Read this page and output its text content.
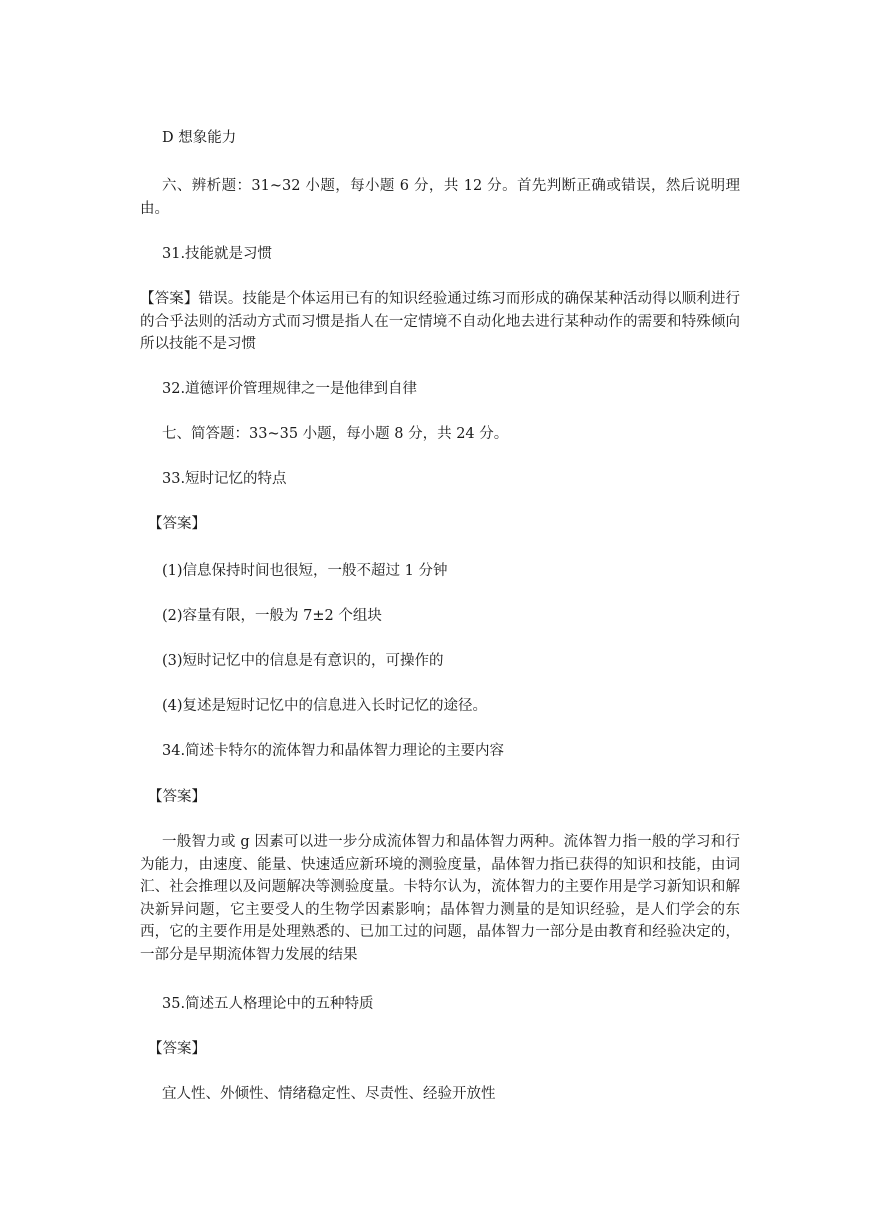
D 想象能力

六、辨析题：31~32 小题，每小题 6 分，共 12 分。首先判断正确或错误，然后说明理由。

31.技能就是习惯

【答案】错误。技能是个体运用已有的知识经验通过练习而形成的确保某种活动得以顺利进行的合乎法则的活动方式而习惯是指人在一定情境不自动化地去进行某种动作的需要和特殊倾向所以技能不是习惯

32.道德评价管理规律之一是他律到自律

七、简答题：33~35 小题，每小题 8 分，共 24 分。

33.短时记忆的特点

【答案】

(1)信息保持时间也很短，一般不超过 1 分钟

(2)容量有限，一般为 7±2 个组块

(3)短时记忆中的信息是有意识的，可操作的

(4)复述是短时记忆中的信息进入长时记忆的途径。

34.简述卡特尔的流体智力和晶体智力理论的主要内容

【答案】

一般智力或 g 因素可以进一步分成流体智力和晶体智力两种。流体智力指一般的学习和行为能力，由速度、能量、快速适应新环境的测验度量，晶体智力指已获得的知识和技能，由词汇、社会推理以及问题解决等测验度量。卡特尔认为，流体智力的主要作用是学习新知识和解决新异问题，它主要受人的生物学因素影响；晶体智力测量的是知识经验，是人们学会的东西，它的主要作用是处理熟悉的、已加工过的问题，晶体智力一部分是由教育和经验决定的，一部分是早期流体智力发展的结果

35.简述五人格理论中的五种特质

【答案】

宜人性、外倾性、情绪稳定性、尽责性、经验开放性
